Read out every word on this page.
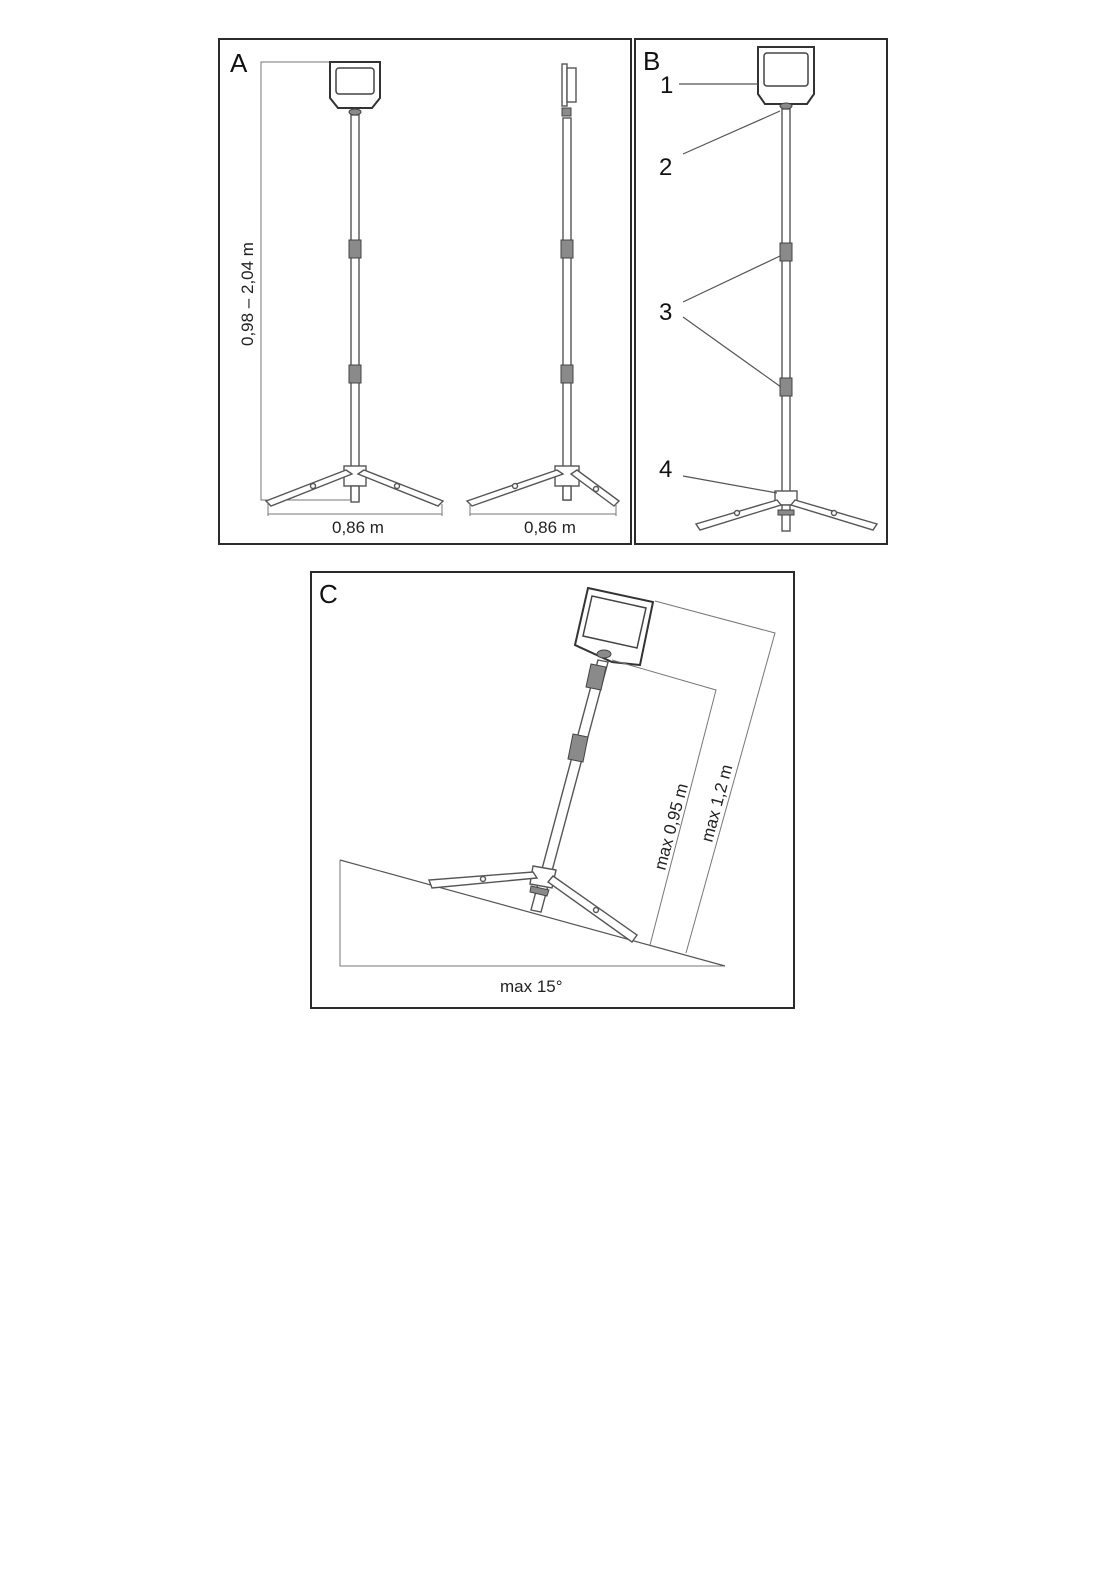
A
0,98 – 2,04 m
0,86 m	0,86 m
B
1
2
3
4
C
max 15°
max 0,95 m max 1,2 m
